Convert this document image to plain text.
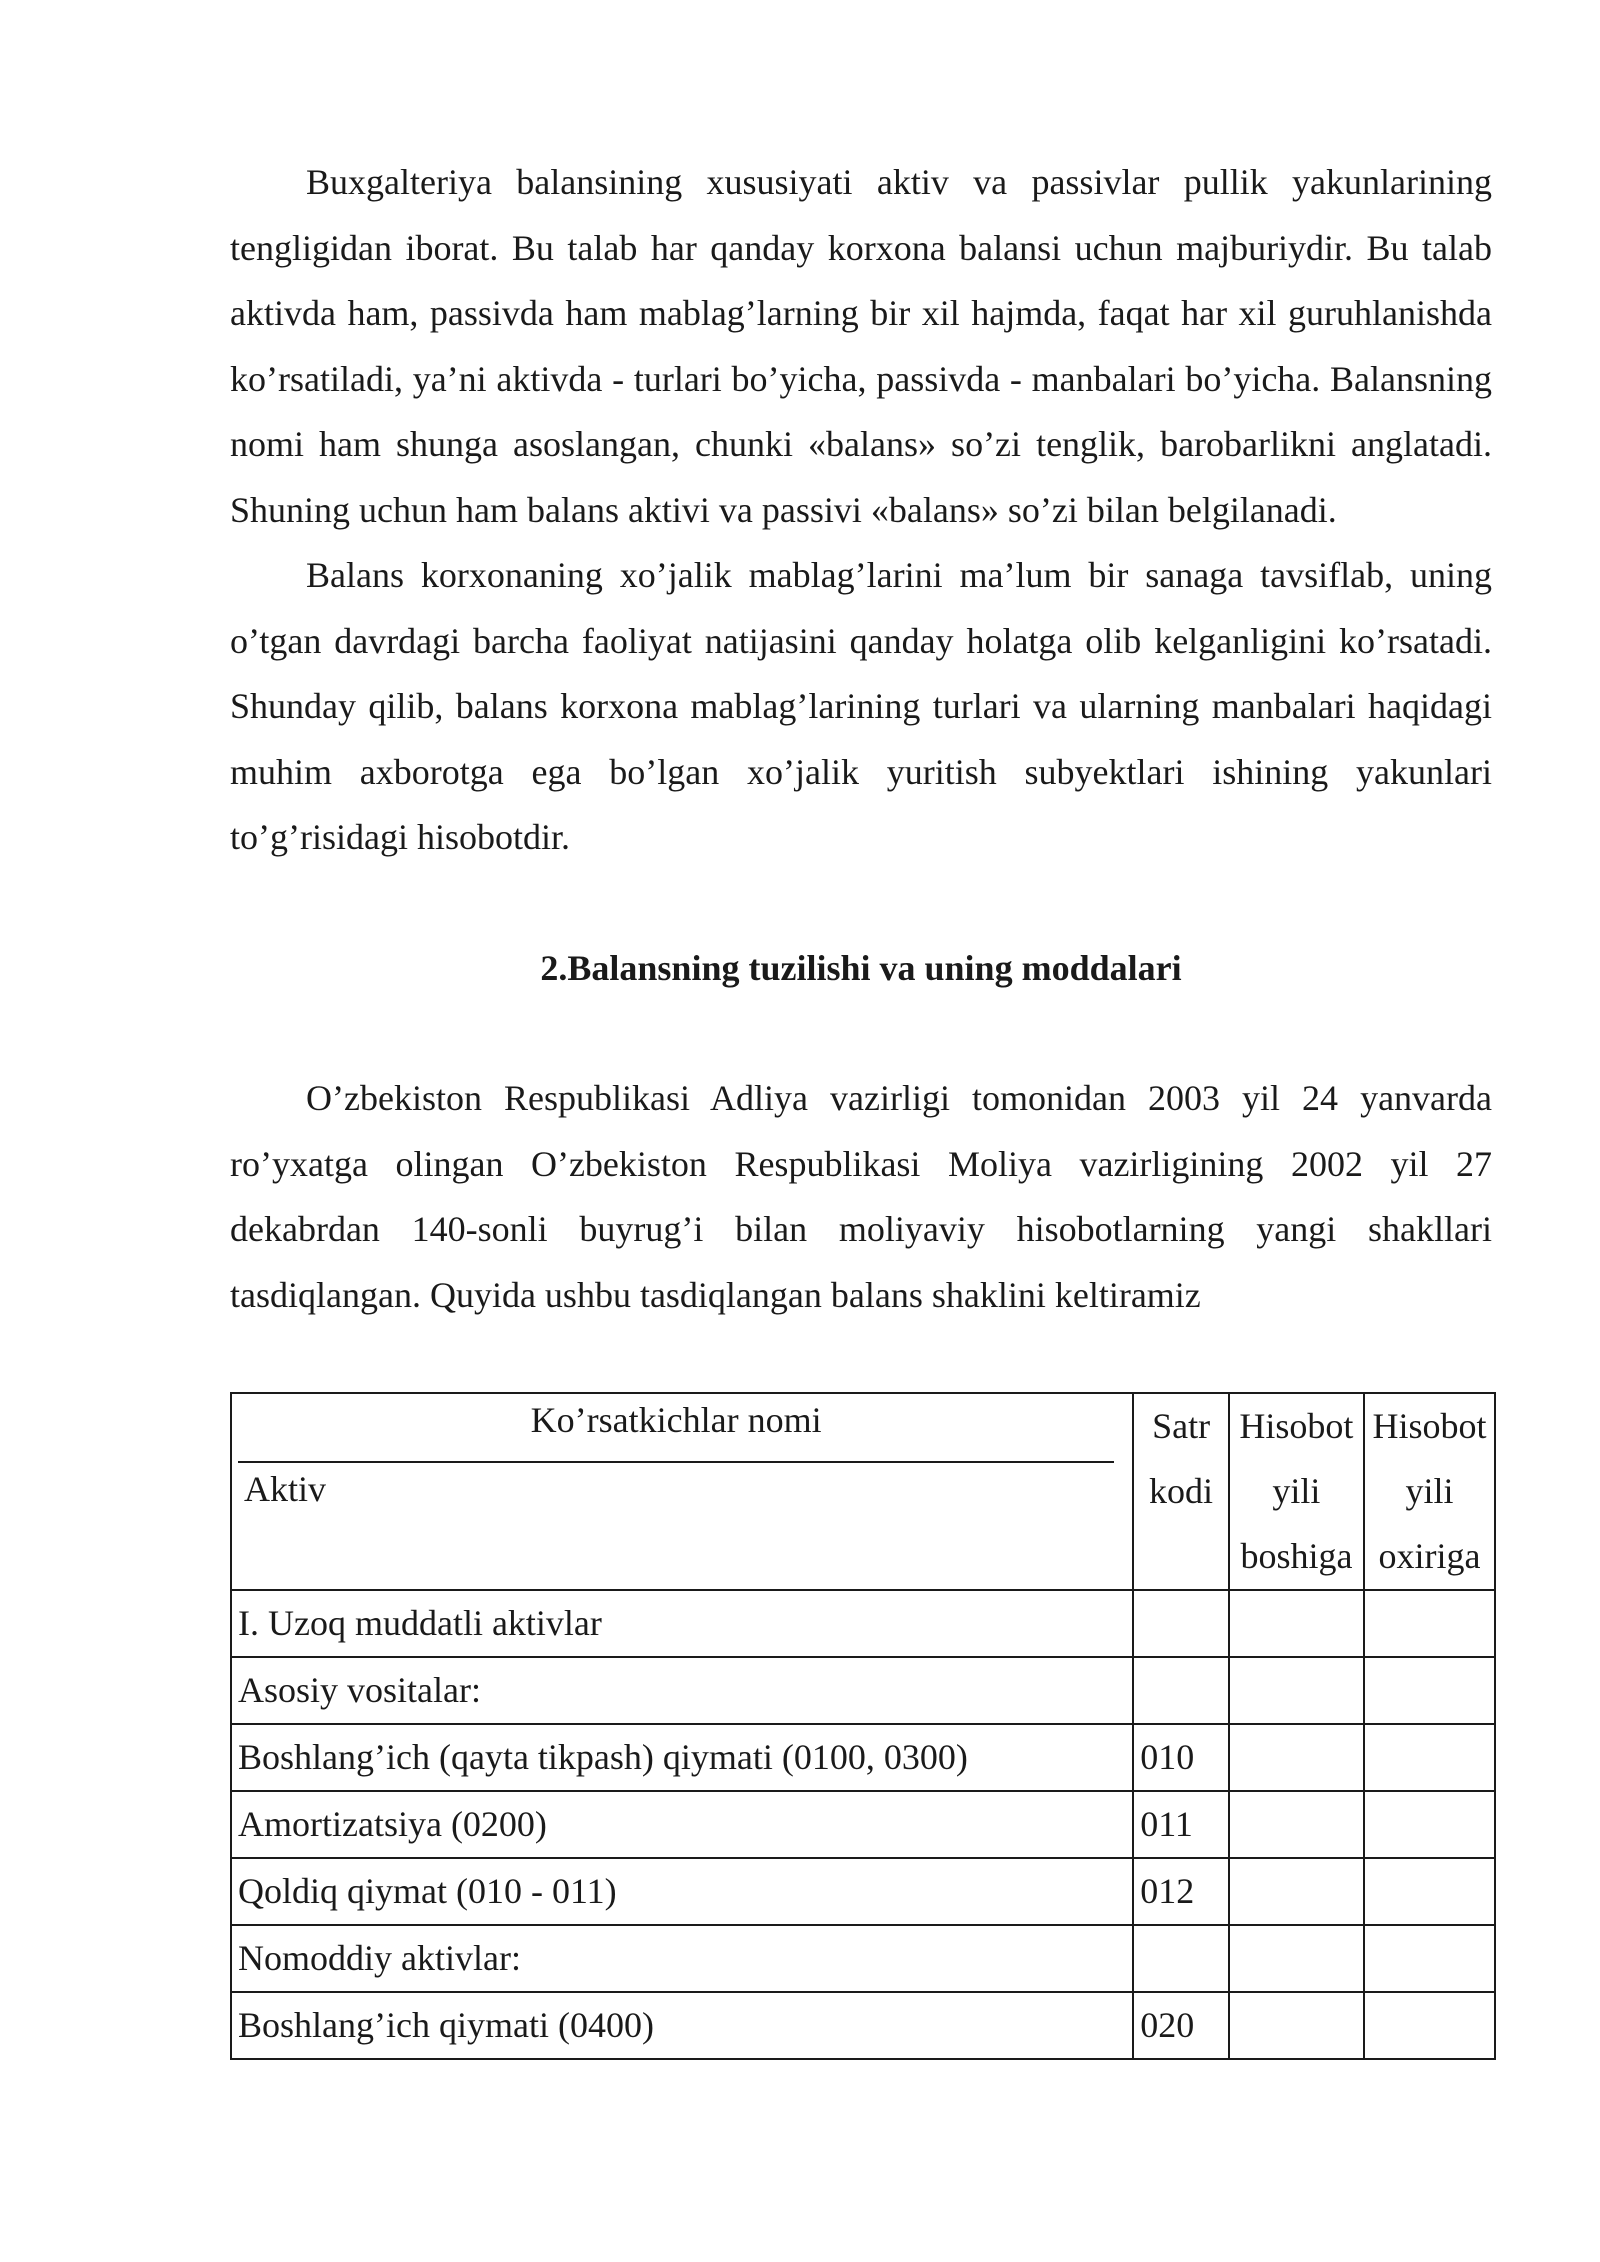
Buxgalteriya balansining xususiyati aktiv va passivlar pullik yakunlarining tengligidan iborat. Bu talab har qanday korxona balansi uchun majburiydir. Bu talab aktivda ham, passivda ham mablag’larning bir xil hajmda, faqat har xil guruhlanishda ko’rsatiladi, ya’ni aktivda - turlari bo’yicha, passivda - manbalari bo’yicha. Balansning nomi ham shunga asoslangan, chunki «balans» so’zi tenglik, barobarlikni anglatadi. Shuning uchun ham balans aktivi va passivi «balans» so’zi bilan belgilanadi.

Balans korxonaning xo’jalik mablag’larini ma’lum bir sanaga tavsiflab, uning o’tgan davrdagi barcha faoliyat natijasini qanday holatga olib kelganligini ko’rsatadi. Shunday qilib, balans korxona mablag’larining turlari va ularning manbalari haqidagi muhim axborotga ega bo’lgan xo’jalik yuritish subyektlari ishining yakunlari to’g’risidagi hisobotdir.

2.Balansning tuzilishi va uning moddalari

O’zbekiston Respublikasi Adliya vazirligi tomonidan 2003 yil 24 yanvarda ro’yxatga olingan O’zbekiston Respublikasi Moliya vazirligining 2002 yil 27 dekabrdan 140-sonli buyrug’i bilan moliyaviy hisobotlarning yangi shakllari tasdiqlangan. Quyida ushbu tasdiqlangan balans shaklini keltiramiz

Ko’rsatkichlar nomi
Aktiv	Satr kodi	Hisobot yili boshiga	Hisobot yili oxiriga
I. Uzoq muddatli aktivlar			
Asosiy vositalar:			
Boshlang’ich (qayta tikpash) qiymati (0100, 0300)	010		
Amortizatsiya (0200)	011		
Qoldiq qiymat (010 - 011)	012		
Nomoddiy aktivlar:			
Boshlang’ich qiymati (0400)	020		
